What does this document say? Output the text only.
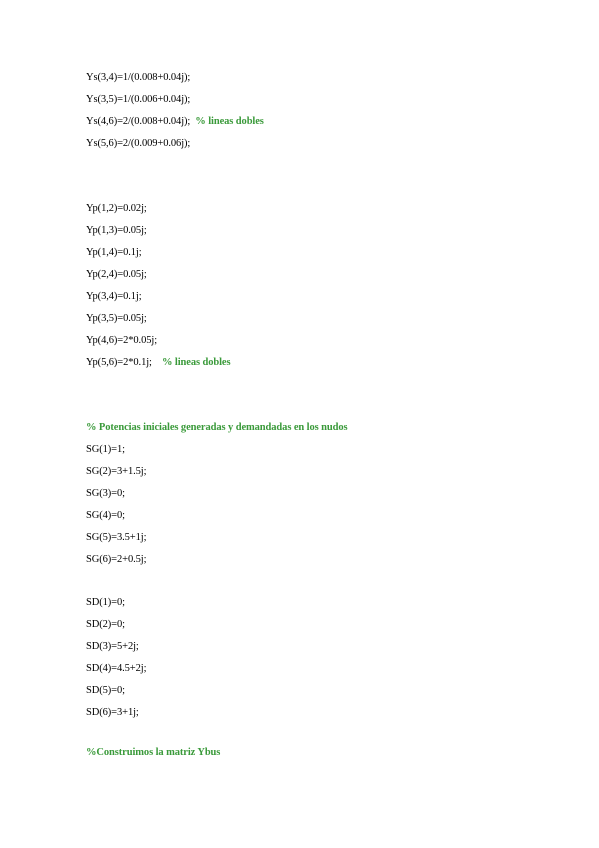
Ys(3,4)=1/(0.008+0.04j);
Ys(3,5)=1/(0.006+0.04j);
Ys(4,6)=2/(0.008+0.04j);  % lineas dobles
Ys(5,6)=2/(0.009+0.06j);
Yp(1,2)=0.02j;
Yp(1,3)=0.05j;
Yp(1,4)=0.1j;
Yp(2,4)=0.05j;
Yp(3,4)=0.1j;
Yp(3,5)=0.05j;
Yp(4,6)=2*0.05j;
Yp(5,6)=2*0.1j;    % lineas dobles
% Potencias iniciales generadas y demandadas en los nudos
SG(1)=1;
SG(2)=3+1.5j;
SG(3)=0;
SG(4)=0;
SG(5)=3.5+1j;
SG(6)=2+0.5j;
SD(1)=0;
SD(2)=0;
SD(3)=5+2j;
SD(4)=4.5+2j;
SD(5)=0;
SD(6)=3+1j;
%Construimos la matriz Ybus
